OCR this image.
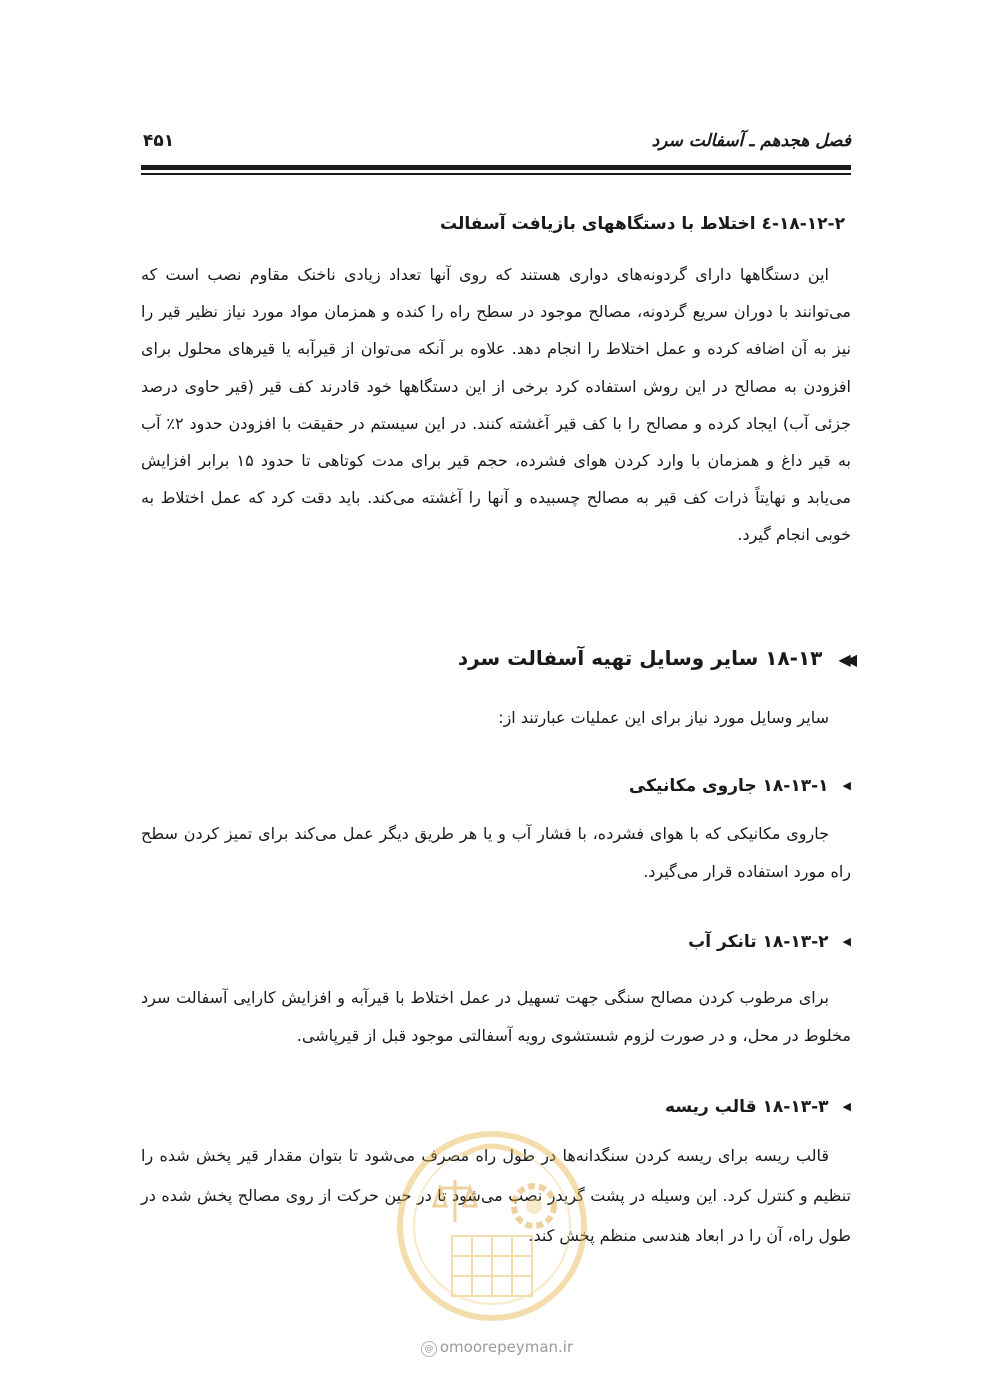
۴۵۱	فصل هجدهم ـ آسفالت سرد
۱۸-۱۲-۲-٤ اختلاط با دستگاههای بازیافت آسفالت
این دستگاهها دارای گردونه‌های دواری هستند که روی آنها تعداد زیادی ناخنک مقاوم نصب است که می‌توانند با دوران سریع گردونه، مصالح موجود در سطح راه را کنده و همزمان مواد مورد نیاز نظیر قیر را نیز به آن اضافه کرده و عمل اختلاط را انجام دهد. علاوه بر آنکه می‌توان از قیرآبه یا قیرهای محلول برای افزودن به مصالح در این روش استفاده کرد برخی از این دستگاهها خود قادرند کف قیر (قیر حاوی درصد جزئی آب) ایجاد کرده و مصالح را با کف قیر آغشته کنند. در این سیستم در حقیقت با افزودن حدود ۲٪ آب به قیر داغ و همزمان با وارد کردن هوای فشرده، حجم قیر برای مدت کوتاهی تا حدود ۱۵ برابر افزایش می‌یابد و نهایتاً ذرات کف قیر به مصالح چسبیده و آنها را آغشته می‌کند. باید دقت کرد که عمل اختلاط به خوبی انجام گیرد.
◀◀۱۸-۱۳ سایر وسایل تهیه آسفالت سرد
سایر وسایل مورد نیاز برای این عملیات عبارتند از:
◀۱۸-۱۳-۱ جاروی مکانیکی
جاروی مکانیکی که با هوای فشرده، با فشار آب و یا هر طریق دیگر عمل می‌کند برای تمیز کردن سطح راه مورد استفاده قرار می‌گیرد.
◀۱۸-۱۳-۲ تانکر آب
برای مرطوب کردن مصالح سنگی جهت تسهیل در عمل اختلاط با قیرآبه و افزایش کارایی آسفالت سرد مخلوط در محل، و در صورت لزوم شستشوی رویه آسفالتی موجود قبل از قیرپاشی.
◀۱۸-۱۳-۳ قالب ریسه
قالب ریسه برای ریسه کردن سنگدانه‌ها در طول راه مصرف می‌شود تا بتوان مقدار قیر پخش شده را تنظیم و کنترل کرد. این وسیله در پشت گریدر نصب می‌شود تا در حین حرکت از روی مصالح پخش شده در طول راه، آن را در ابعاد هندسی منظم پخش کند.
@ omoorepeyman.ir
